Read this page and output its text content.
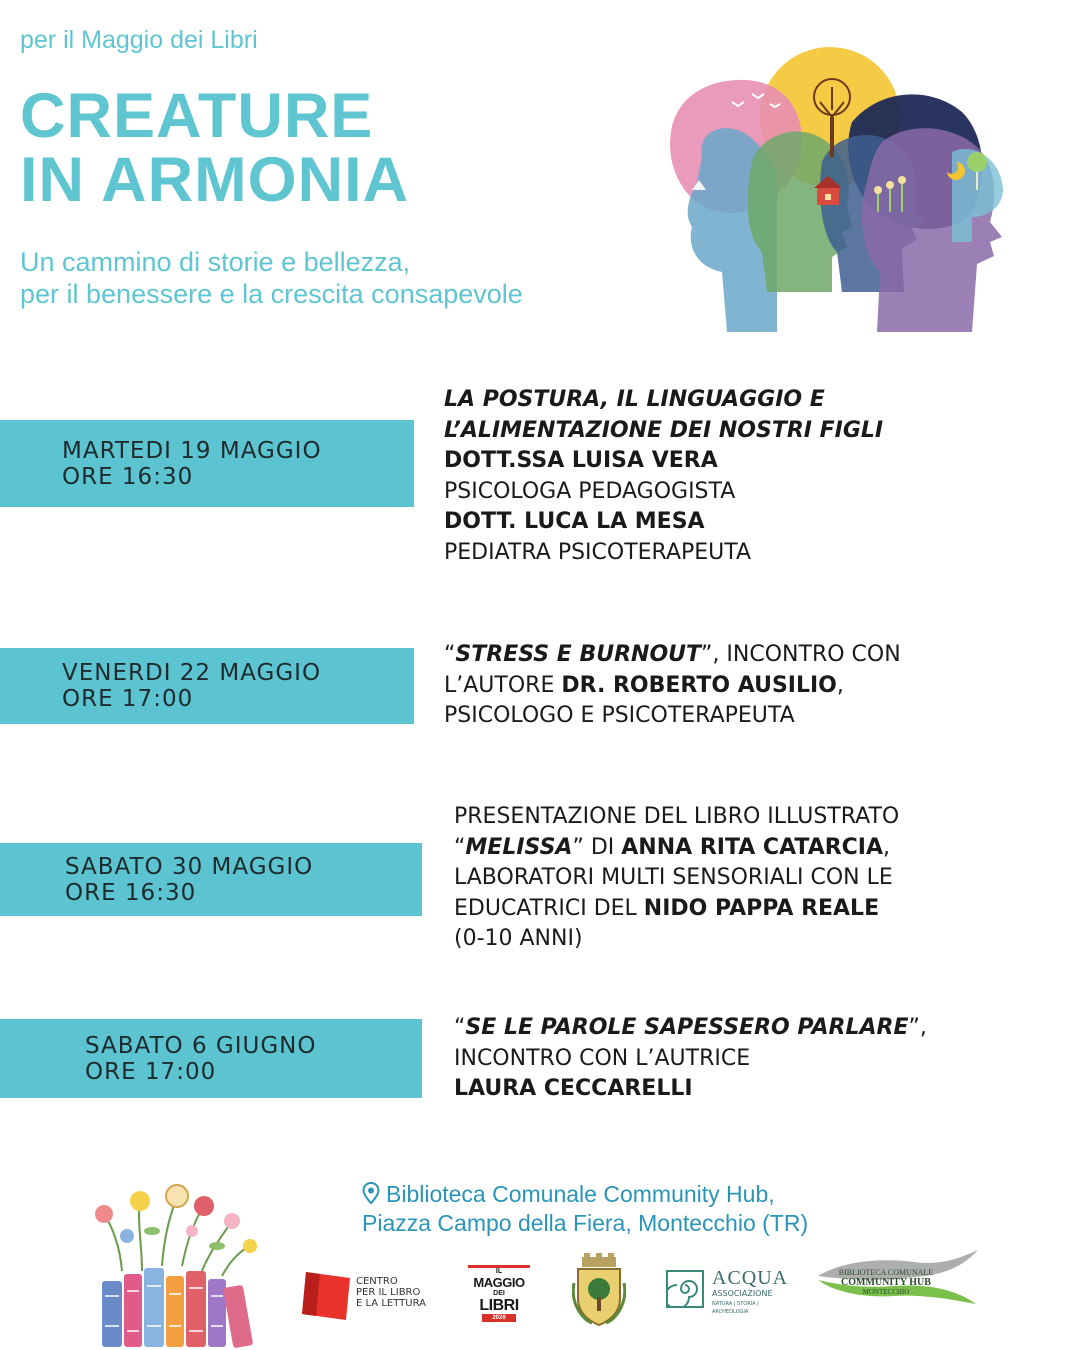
per il Maggio dei Libri
CREATURE
IN ARMONIA
Un cammino di storie e bellezza,
per il benessere e la crescita consapevole
MARTEDI 19 MAGGIO
ORE 16:30
LA POSTURA, IL LINGUAGGIO E
L’ALIMENTAZIONE DEI NOSTRI FIGLI
DOTT.SSA LUISA VERA
PSICOLOGA PEDAGOGISTA
DOTT. LUCA LA MESA
PEDIATRA PSICOTERAPEUTA
VENERDI 22 MAGGIO
ORE 17:00
“STRESS E BURNOUT”, INCONTRO CON
L’AUTORE DR. ROBERTO AUSILIO,
PSICOLOGO E PSICOTERAPEUTA
SABATO 30 MAGGIO
ORE 16:30
PRESENTAZIONE DEL LIBRO ILLUSTRATO
“MELISSA” DI ANNA RITA CATARCIA,
LABORATORI MULTI SENSORIALI CON LE
EDUCATRICI DEL NIDO PAPPA REALE
(0-10 ANNI)
SABATO 6 GIUGNO
ORE 17:00
“SE LE PAROLE SAPESSERO PARLARE”,
INCONTRO CON L’AUTRICE
LAURA CECCARELLI
Biblioteca Comunale Community Hub,
Piazza Campo della Fiera, Montecchio (TR)
CENTRO
PER IL LIBRO
E LA LETTURA
IL
MAGGIO
DEI
LIBRI
2026
ACQUA
ASSOCIAZIONE
NATURA | STORIA | ARCHEOLOGIA
BIBLIOTECA COMUNALE
COMMUNITY HUB
MONTECCHIO
